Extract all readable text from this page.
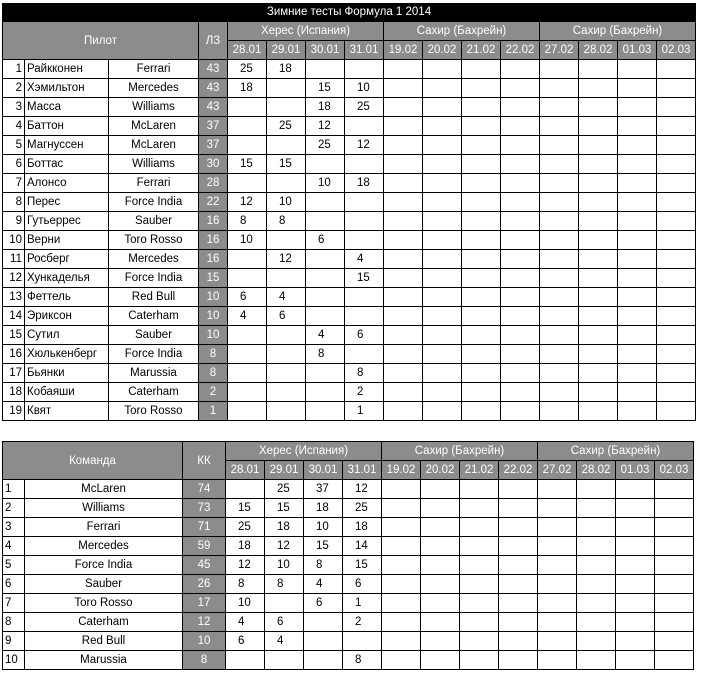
Зимние тесты Формула 1 2014															
Пилот			ЛЗ	Херес (Испания)				Сахир (Бахрейн)				Сахир (Бахрейн)			
				28.01	29.01	30.01	31.01	19.02	20.02	21.02	22.02	27.02	28.02	01.03	02.03
1	Райкконен	Ferrari	43	25	18										
2	Хэмильтон	Mercedes	43	18		15	10								
3	Масса	Williams	43			18	25								
4	Баттон	McLaren	37		25	12									
5	Магнуссен	McLaren	37			25	12								
6	Боттас	Williams	30	15	15										
7	Алонсо	Ferrari	28			10	18								
8	Перес	Force India	22	12	10										
9	Гутьеррес	Sauber	16	8	8										
10	Верни	Toro Rosso	16	10		6									
11	Росберг	Mercedes	16		12		4								
12	Хункаделья	Force India	15				15								
13	Феттель	Red Bull	10	6	4										
14	Эриксон	Caterham	10	4	6										
15	Сутил	Sauber	10			4	6								
16	Хюлькенберг	Force India	8			8									
17	Бьянки	Marussia	8				8								
18	Кобаяши	Caterham	2				2								
19	Квят	Toro Rosso	1				1								
Команда		КК	Херес (Испания)				Сахир (Бахрейн)				Сахир (Бахрейн)			
			28.01	29.01	30.01	31.01	19.02	20.02	21.02	22.02	27.02	28.02	01.03	02.03
1	McLaren	74		25	37	12								
2	Williams	73	15	15	18	25								
3	Ferrari	71	25	18	10	18								
4	Mercedes	59	18	12	15	14								
5	Force India	45	12	10	8	15								
6	Sauber	26	8	8	4	6								
7	Toro Rosso	17	10		6	1								
8	Caterham	12	4	6		2								
9	Red Bull	10	6	4										
10	Marussia	8				8								
